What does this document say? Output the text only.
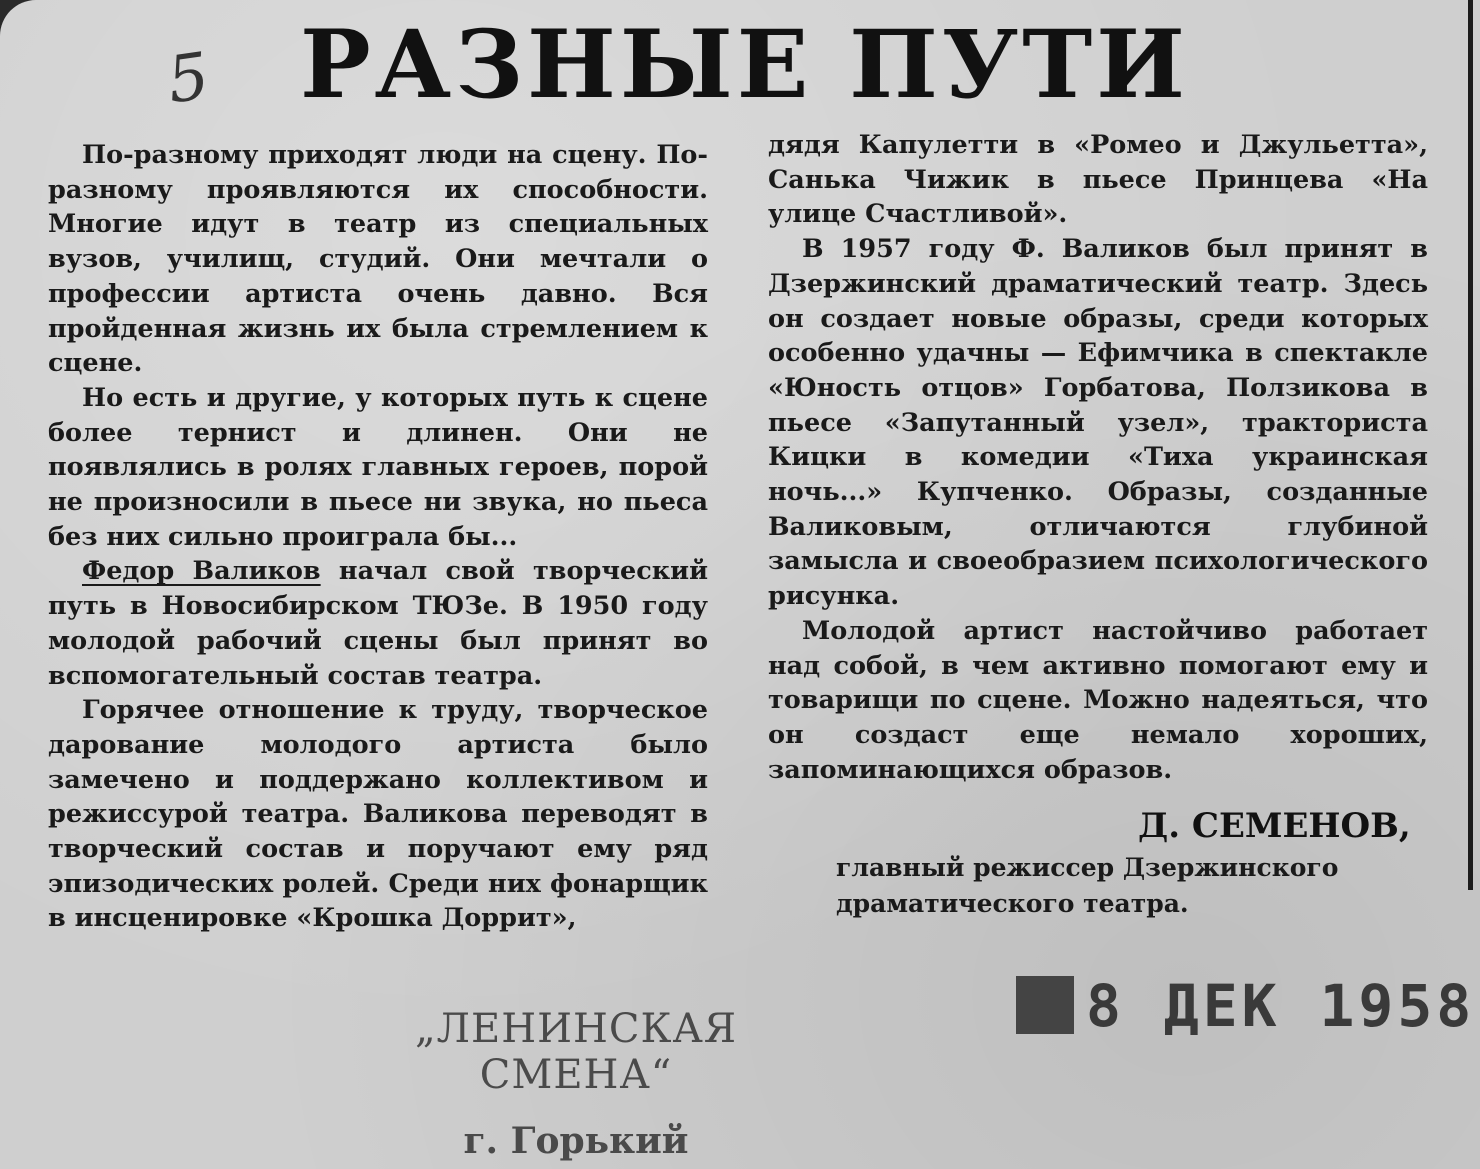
5 РАЗНЫЕ ПУТИ

По-разному приходят люди на сцену. По-разному проявляются их способности. Многие идут в театр из специальных вузов, училищ, студий. Они мечтали о профессии артиста очень давно. Вся пройденная жизнь их была стремлением к сцене.

Но есть и другие, у которых путь к сцене более тернист и длинен. Они не появлялись в ролях главных героев, порой не произносили в пьесе ни звука, но пьеса без них сильно проиграла бы...

Федор Валиков начал свой творческий путь в Новосибирском ТЮЗе. В 1950 году молодой рабочий сцены был принят во вспомогательный состав театра.

Горячее отношение к труду, творческое дарование молодого артиста было замечено и поддержано коллективом и режиссурой театра. Валикова переводят в творческий состав и поручают ему ряд эпизодических ролей. Среди них фонарщик в инсценировке «Крошка Доррит»,

дядя Капулетти в «Ромео и Джульетта», Санька Чижик в пьесе Принцева «На улице Счастливой».

В 1957 году Ф. Валиков был принят в Дзержинский драматический театр. Здесь он создает новые образы, среди которых особенно удачны — Ефимчика в спектакле «Юность отцов» Горбатова, Ползикова в пьесе «Запутанный узел», тракториста Кицки в комедии «Тиха украинская ночь...» Купченко. Образы, созданные Валиковым, отличаются глубиной замысла и своеобразием психологического рисунка.

Молодой артист настойчиво работает над собой, в чем активно помогают ему и товарищи по сцене. Можно надеяться, что он создаст еще немало хороших, запоминающихся образов.

Д. СЕМЕНОВ,
главный режиссер Дзержинского
драматического театра.
„ЛЕНИНСКАЯ СМЕНА“
г. Горький
8 ДЕК 1958
